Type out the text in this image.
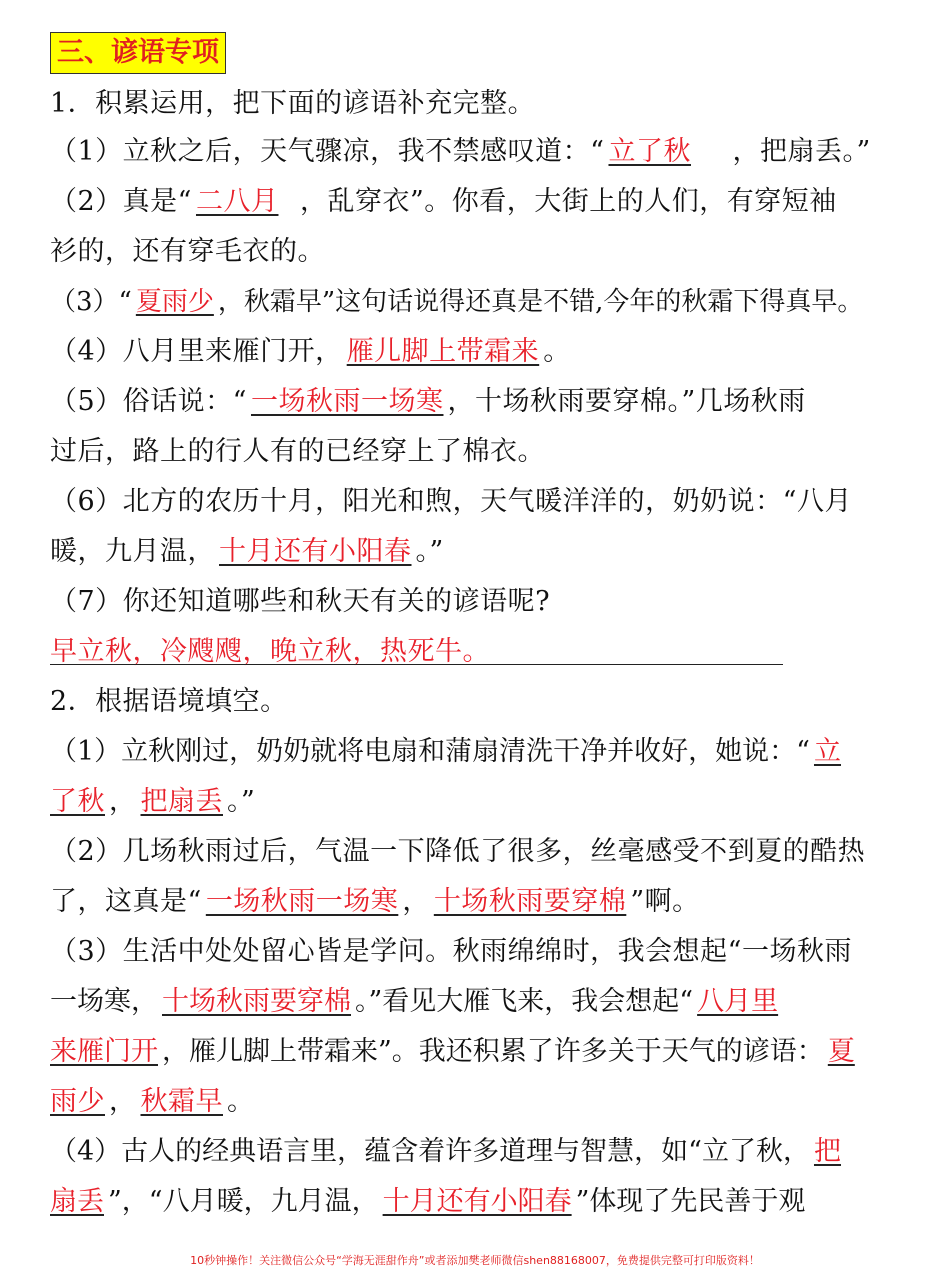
三、谚语专项
1．积累运用，把下面的谚语补充完整。
（1）立秋之后，天气骤凉，我不禁感叹道：“ 立了秋 ，把扇丢。”
（2）真是“ 二八月 ，乱穿衣”。你看，大街上的人们，有穿短袖
衫的，还有穿毛衣的。
（3）“ 夏雨少 ，秋霜早”这句话说得还真是不错,今年的秋霜下得真早。
（4）八月里来雁门开， 雁儿脚上带霜来 。
（5）俗话说：“ 一场秋雨一场寒 ，十场秋雨要穿棉。”几场秋雨
过后，路上的行人有的已经穿上了棉衣。
（6）北方的农历十月，阳光和煦，天气暖洋洋的，奶奶说：“八月
暖，九月温， 十月还有小阳春 。”
（7）你还知道哪些和秋天有关的谚语呢?
早立秋，冷飕飕，晚立秋，热死牛。
2．根据语境填空。
（1）立秋刚过，奶奶就将电扇和蒲扇清洗干净并收好，她说：“ 立
了秋 ， 把扇丢 。”
（2）几场秋雨过后，气温一下降低了很多，丝毫感受不到夏的酷热
了，这真是“ 一场秋雨一场寒 ， 十场秋雨要穿棉 ”啊。
（3）生活中处处留心皆是学问。秋雨绵绵时，我会想起“一场秋雨
一场寒， 十场秋雨要穿棉 。”看见大雁飞来，我会想起“ 八月里
来雁门开 ，雁儿脚上带霜来”。我还积累了许多关于天气的谚语： 夏
雨少 ， 秋霜早 。
（4）古人的经典语言里，蕴含着许多道理与智慧，如“立了秋， 把
扇丢 ”，“八月暖，九月温， 十月还有小阳春 ”体现了先民善于观
10秒钟操作！关注微信公众号“学海无涯甜作舟”或者添加樊老师微信shen88168007，免费提供完整可打印版资料！
